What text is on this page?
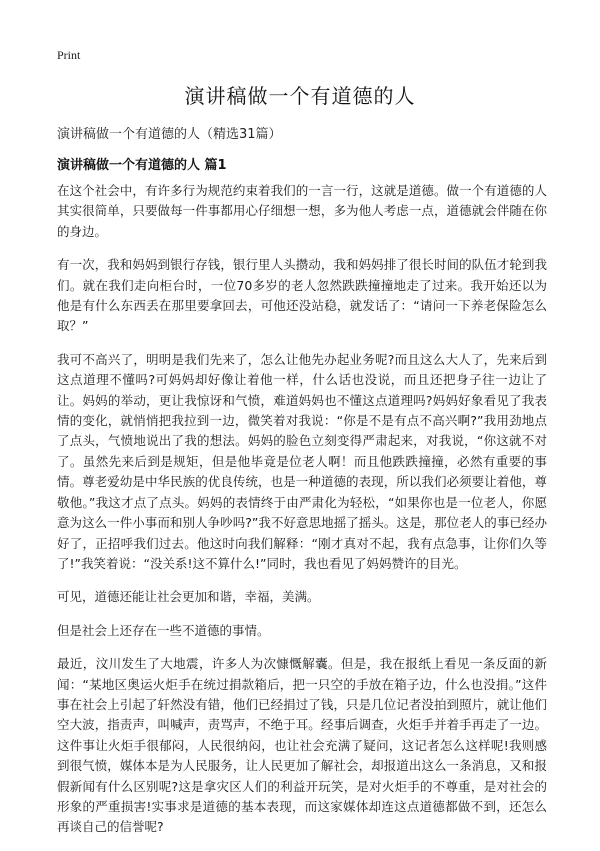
Print
演讲稿做一个有道德的人
演讲稿做一个有道德的人（精选31篇）
演讲稿做一个有道德的人 篇1

在这个社会中，有许多行为规范约束着我们的一言一行，这就是道德。做一个有道德的人其实很简单，只要做每一件事都用心仔细想一想，多为他人考虑一点，道德就会伴随在你的身边。

有一次，我和妈妈到银行存钱，银行里人头攒动，我和妈妈排了很长时间的队伍才轮到我们。就在我们走向柜台时，一位70多岁的老人忽然跌跌撞撞地走了过来。我开始还以为他是有什么东西丢在那里要拿回去，可他还没站稳，就发话了：“请问一下养老保险怎么取？”

我可不高兴了，明明是我们先来了，怎么让他先办起业务呢?而且这么大人了，先来后到这点道理不懂吗?可妈妈却好像让着他一样，什么话也没说，而且还把身子往一边让了让。妈妈的举动，更让我惊讶和气愤，难道妈妈也不懂这点道理吗?妈妈好象看见了我表情的变化，就悄悄把我拉到一边，微笑着对我说：“你是不是有点不高兴啊?”我用劲地点了点头，气愤地说出了我的想法。妈妈的脸色立刻变得严肃起来，对我说，“你这就不对了。虽然先来后到是规矩，但是他毕竟是位老人啊！而且他跌跌撞撞，必然有重要的事情。尊老爱幼是中华民族的优良传统，也是一种道德的表现，所以我们必须要让着他，尊敬他。”我这才点了点头。妈妈的表情终于由严肃化为轻松，“如果你也是一位老人，你愿意为这么一件小事而和别人争吵吗?”我不好意思地摇了摇头。这是，那位老人的事已经办好了，正招呼我们过去。他这时向我们解释：“刚才真对不起，我有点急事，让你们久等了!”我笑着说：“没关系!这不算什么!”同时，我也看见了妈妈赞许的目光。

可见，道德还能让社会更加和谐，幸福，美满。

但是社会上还存在一些不道德的事情。

最近，汶川发生了大地震，许多人为次慷慨解囊。但是，我在报纸上看见一条反面的新闻：“某地区奥运火炬手在统过捐款箱后，把一只空的手放在箱子边，什么也没捐。”这件事在社会上引起了轩然没有错，他们已经捐过了钱，只是几位记者没拍到照片，就让他们空大波，指责声，叫喊声，责骂声，不绝于耳。经事后调查，火炬手并着手再走了一边。这件事让火炬手很郁闷，人民很纳闷，也让社会充满了疑问，这记者怎么这样呢!我则感到很气愤，媒体本是为人民服务，让人民更加了解社会，却报道出这么一条消息，又和报假新闻有什么区别呢?这是拿灾区人们的利益开玩笑，是对火炬手的不尊重，是对社会的形象的严重损害!实事求是道德的基本表现，而这家媒体却连这点道德都做不到，还怎么再谈自己的信誉呢?
